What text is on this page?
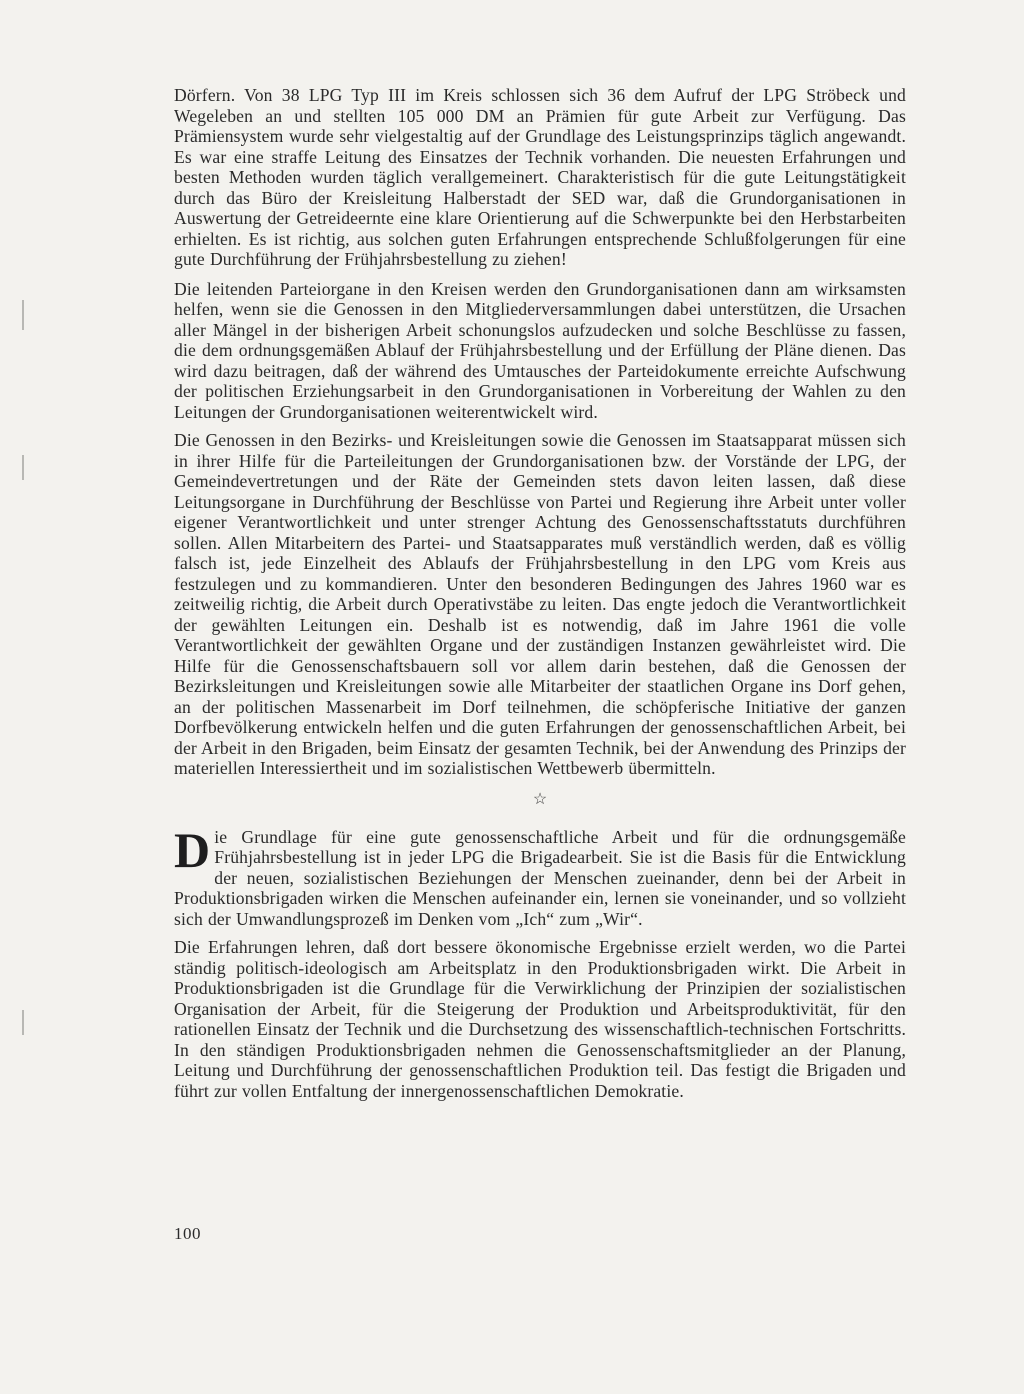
Dörfern. Von 38 LPG Typ III im Kreis schlossen sich 36 dem Aufruf der LPG Ströbeck und Wegeleben an und stellten 105 000 DM an Prämien für gute Arbeit zur Verfügung. Das Prämiensystem wurde sehr vielgestaltig auf der Grundlage des Leistungsprinzips täglich angewandt. Es war eine straffe Leitung des Einsatzes der Technik vorhanden. Die neuesten Erfahrungen und besten Methoden wurden täglich verallgemeinert. Charakteristisch für die gute Leitungstätigkeit durch das Büro der Kreisleitung Halberstadt der SED war, daß die Grundorganisationen in Auswertung der Getreideernte eine klare Orientierung auf die Schwerpunkte bei den Herbstarbeiten erhielten. Es ist richtig, aus solchen guten Erfahrungen entsprechende Schlußfolgerungen für eine gute Durchführung der Frühjahrsbestellung zu ziehen!

Die leitenden Parteiorgane in den Kreisen werden den Grundorganisationen dann am wirksamsten helfen, wenn sie die Genossen in den Mitgliederversammlungen dabei unterstützen, die Ursachen aller Mängel in der bisherigen Arbeit schonungslos aufzudecken und solche Beschlüsse zu fassen, die dem ordnungsgemäßen Ablauf der Frühjahrsbestellung und der Erfüllung der Pläne dienen. Das wird dazu beitragen, daß der während des Umtausches der Parteidokumente erreichte Aufschwung der politischen Erziehungsarbeit in den Grundorganisationen in Vorbereitung der Wahlen zu den Leitungen der Grundorganisationen weiterentwickelt wird.

Die Genossen in den Bezirks- und Kreisleitungen sowie die Genossen im Staatsapparat müssen sich in ihrer Hilfe für die Parteileitungen der Grundorganisationen bzw. der Vorstände der LPG, der Gemeindevertretungen und der Räte der Gemeinden stets davon leiten lassen, daß diese Leitungsorgane in Durchführung der Beschlüsse von Partei und Regierung ihre Arbeit unter voller eigener Verantwortlichkeit und unter strenger Achtung des Genossenschaftsstatuts durchführen sollen. Allen Mitarbeitern des Partei- und Staatsapparates muß verständlich werden, daß es völlig falsch ist, jede Einzelheit des Ablaufs der Frühjahrsbestellung in den LPG vom Kreis aus festzulegen und zu kommandieren. Unter den besonderen Bedingungen des Jahres 1960 war es zeitweilig richtig, die Arbeit durch Operativstäbe zu leiten. Das engte jedoch die Verantwortlichkeit der gewählten Leitungen ein. Deshalb ist es notwendig, daß im Jahre 1961 die volle Verantwortlichkeit der gewählten Organe und der zuständigen Instanzen gewährleistet wird. Die Hilfe für die Genossenschaftsbauern soll vor allem darin bestehen, daß die Genossen der Bezirksleitungen und Kreisleitungen sowie alle Mitarbeiter der staatlichen Organe ins Dorf gehen, an der politischen Massenarbeit im Dorf teilnehmen, die schöpferische Initiative der ganzen Dorfbevölkerung entwickeln helfen und die guten Erfahrungen der genossenschaftlichen Arbeit, bei der Arbeit in den Brigaden, beim Einsatz der gesamten Technik, bei der Anwendung des Prinzips der materiellen Interessiertheit und im sozialistischen Wettbewerb übermitteln.

☆

Die Grundlage für eine gute genossenschaftliche Arbeit und für die ordnungsgemäße Frühjahrsbestellung ist in jeder LPG die Brigadearbeit. Sie ist die Basis für die Entwicklung der neuen, sozialistischen Beziehungen der Menschen zueinander, denn bei der Arbeit in Produktionsbrigaden wirken die Menschen aufeinander ein, lernen sie voneinander, und so vollzieht sich der Umwandlungsprozeß im Denken vom „Ich“ zum „Wir“.

Die Erfahrungen lehren, daß dort bessere ökonomische Ergebnisse erzielt werden, wo die Partei ständig politisch-ideologisch am Arbeitsplatz in den Produktionsbrigaden wirkt. Die Arbeit in Produktionsbrigaden ist die Grundlage für die Verwirklichung der Prinzipien der sozialistischen Organisation der Arbeit, für die Steigerung der Produktion und Arbeitsproduktivität, für den rationellen Einsatz der Technik und die Durchsetzung des wissenschaftlich-technischen Fortschritts. In den ständigen Produktionsbrigaden nehmen die Genossenschaftsmitglieder an der Planung, Leitung und Durchführung der genossenschaftlichen Produktion teil. Das festigt die Brigaden und führt zur vollen Entfaltung der innergenossenschaftlichen Demokratie.

100
